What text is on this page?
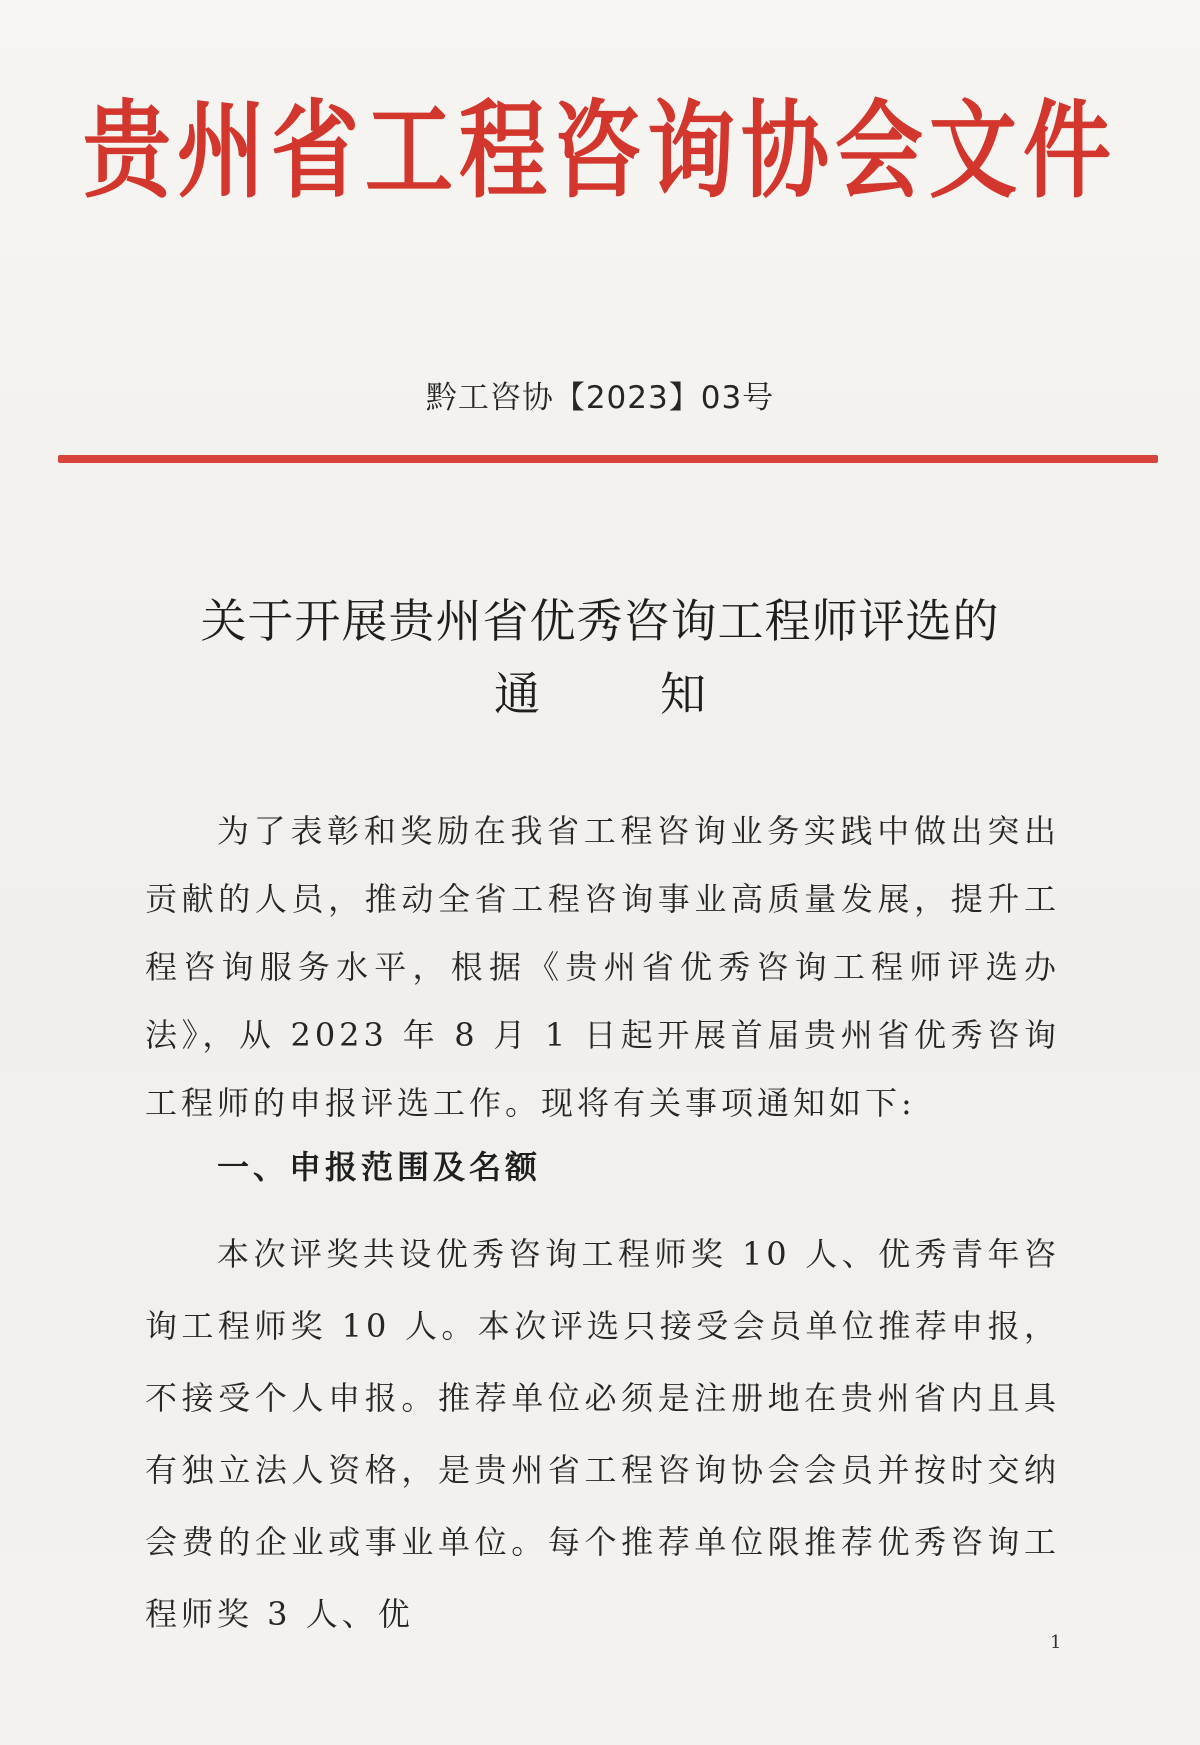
贵州省工程咨询协会文件
黔工咨协【2023】03号
关于开展贵州省优秀咨询工程师评选的
通	知
为了表彰和奖励在我省工程咨询业务实践中做出突出贡献的人员，推动全省工程咨询事业高质量发展，提升工程咨询服务水平，根据《贵州省优秀咨询工程师评选办法》，从 2023 年 8 月 1 日起开展首届贵州省优秀咨询工程师的申报评选工作。现将有关事项通知如下:
一、申报范围及名额
本次评奖共设优秀咨询工程师奖 10 人、优秀青年咨询工程师奖 10 人。本次评选只接受会员单位推荐申报，不接受个人申报。推荐单位必须是注册地在贵州省内且具有独立法人资格，是贵州省工程咨询协会会员并按时交纳会费的企业或事业单位。每个推荐单位限推荐优秀咨询工程师奖 3 人、优
1
